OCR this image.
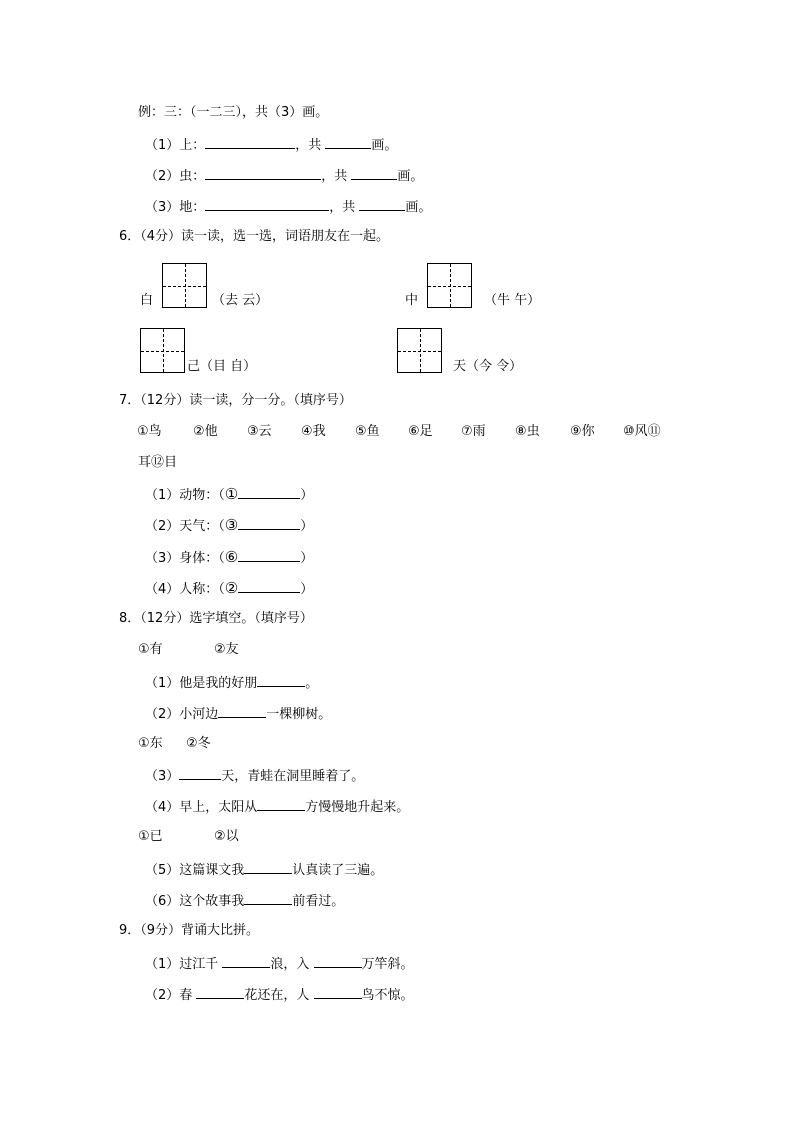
例：三：（一二三），共（3）画。
（1）上：	，共	画。
（2）虫：	，共	画。
（3）地：	，共	画。
6．（4分）读一读，选一选，词语朋友在一起。
白	（去 云）	中	（牛 午）
己（目 自）	天（今 令）
7．（12分）读一读，分一分。（填序号）
①鸟 ②他 ③云 ④我 ⑤鱼 ⑥足 ⑦雨 ⑧虫 ⑨你 ⑩风⑪
耳⑫目
（1）动物：（①	）
（2）天气：（③	）
（3）身体：（⑥	）
（4）人称：（②	）
8．（12分）选字填空。（填序号）
①有	②友
（1）他是我的好朋	。
（2）小河边	一棵柳树。
①东 ②冬
（3）	天，青蛙在洞里睡着了。
（4）早上，太阳从	方慢慢地升起来。
①已	②以
（5）这篇课文我	认真读了三遍。
（6）这个故事我	前看过。
9．（9分）背诵大比拼。
（1）过江千	浪，入	万竿斜。
（2）春	花还在，人	鸟不惊。
